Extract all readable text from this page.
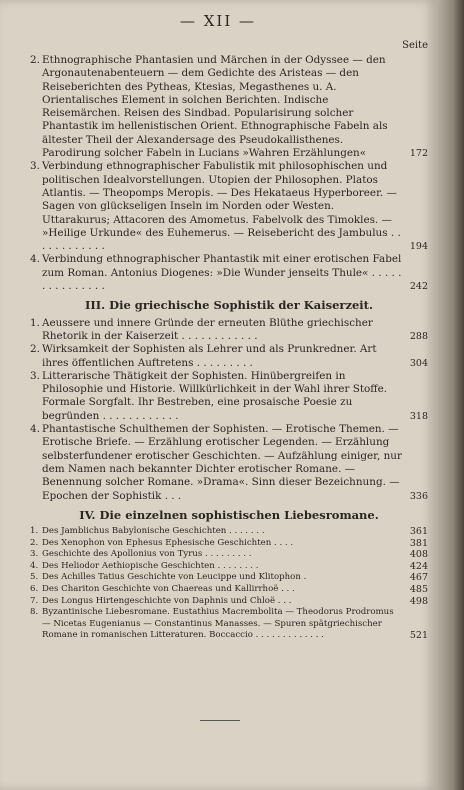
— XII —
Seite
2. Ethnographische Phantasien und Märchen in der Odyssee — den Argonautenabenteuern — dem Gedichte des Aristeas — den Reiseberichten des Pytheas, Ktesias, Megasthenes u. A. Orientalisches Element in solchen Berichten. Indische Reisemärchen. Reisen des Sindbad. Popularisirung solcher Phantastik im hellenistischen Orient. Ethnographische Fabeln als ältester Theil der Alexandersage des Pseudokallisthenes. Parodirung solcher Fabeln in Lucians »Wahren Erzählungen«	172
3. Verbindung ethnographischer Fabulistik mit philosophischen und politischen Idealvorstellungen. Utopien der Philosophen. Platos Atlantis. — Theopomps Meropis. — Des Hekataeus Hyperboreer. — Sagen von glückseligen Inseln im Norden oder Westen. Uttarakurus; Attacoren des Amometus. Fabelvolk des Timokles. — »Heilige Urkunde« des Euhemerus. — Reisebericht des Jambulus . . . . . . . . . . . .	194
4. Verbindung ethnographischer Phantastik mit einer erotischen Fabel zum Roman. Antonius Diogenes: »Die Wunder jenseits Thule« . . . . . . . . . . . . . . .	242
III. Die griechische Sophistik der Kaiserzeit.
1. Aeussere und innere Gründe der erneuten Blüthe griechischer Rhetorik in der Kaiserzeit . . . . . . . . . . . .	288
2. Wirksamkeit der Sophisten als Lehrer und als Prunkredner. Art ihres öffentlichen Auftretens . . . . . . . . .	304
3. Litterarische Thätigkeit der Sophisten. Hinübergreifen in Philosophie und Historie. Willkürlichkeit in der Wahl ihrer Stoffe. Formale Sorgfalt. Ihr Bestreben, eine prosaische Poesie zu begründen . . . . . . . . . . . .	318
4. Phantastische Schulthemen der Sophisten. — Erotische Themen. — Erotische Briefe. — Erzählung erotischer Legenden. — Erzählung selbsterfundener erotischer Geschichten. — Aufzählung einiger, nur dem Namen nach bekannter Dichter erotischer Romane. — Benennung solcher Romane. »Drama«. Sinn dieser Bezeichnung. — Epochen der Sophistik . . .	336
IV. Die einzelnen sophistischen Liebesromane.
1. Des Jamblichus Babylonische Geschichten . . . . . . .	361
2. Des Xenophon von Ephesus Ephesische Geschichten . . . .	381
3. Geschichte des Apollonius von Tyrus . . . . . . . . .	408
4. Des Heliodor Aethiopische Geschichten . . . . . . . .	424
5. Des Achilles Tatius Geschichte von Leucippe und Klitophon .	467
6. Des Chariton Geschichte von Chaereas und Kallirrhoë . . .	485
7. Des Longus Hirtengeschichte von Daphnis und Chloë . . .	498
8. Byzantinische Liebesromane. Eustathius Macrembolita — Theodorus Prodromus — Nicetas Eugenianus — Constantinus Manasses. — Spuren spätgriechischer Romane in romanischen Litteraturen. Boccaccio . . . . . . . . . . . . .	521
